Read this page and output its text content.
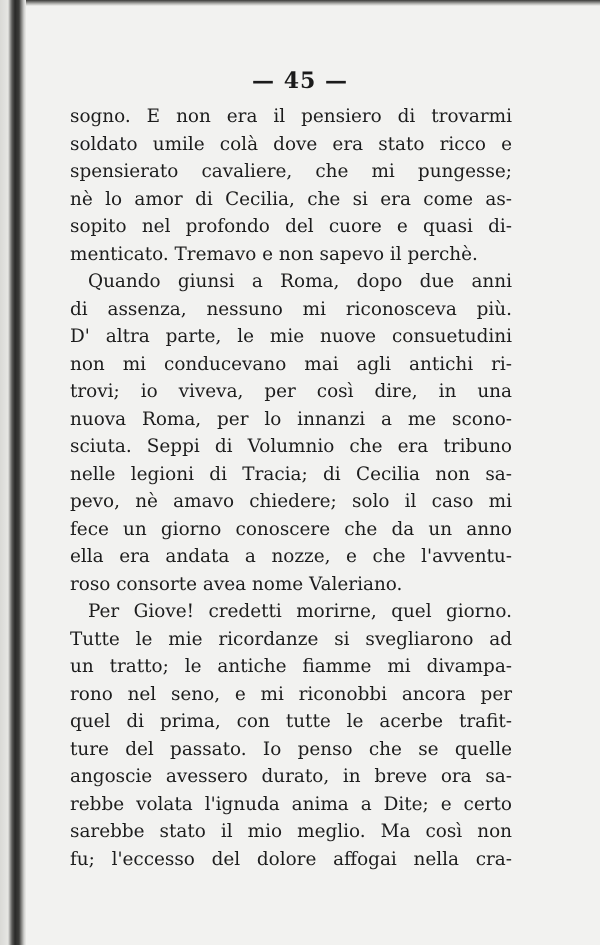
— 45 —
sogno. E non era il pensiero di trovarmi
soldato umile colà dove era stato ricco e
spensierato cavaliere, che mi pungesse;
nè lo amor di Cecilia, che si era come as-
sopito nel profondo del cuore e quasi di-
menticato. Tremavo e non sapevo il perchè.
Quando giunsi a Roma, dopo due anni
di assenza, nessuno mi riconosceva più.
D' altra parte, le mie nuove consuetudini
non mi conducevano mai agli antichi ri-
trovi; io viveva, per così dire, in una
nuova Roma, per lo innanzi a me scono-
sciuta. Seppi di Volumnio che era tribuno
nelle legioni di Tracia; di Cecilia non sa-
pevo, nè amavo chiedere; solo il caso mi
fece un giorno conoscere che da un anno
ella era andata a nozze, e che l'avventu-
roso consorte avea nome Valeriano.
Per Giove! credetti morirne, quel giorno.
Tutte le mie ricordanze si svegliarono ad
un tratto; le antiche fiamme mi divampa-
rono nel seno, e mi riconobbi ancora per
quel di prima, con tutte le acerbe trafit-
ture del passato. Io penso che se quelle
angoscie avessero durato, in breve ora sa-
rebbe volata l'ignuda anima a Dite; e certo
sarebbe stato il mio meglio. Ma così non
fu; l'eccesso del dolore affogai nella cra-
